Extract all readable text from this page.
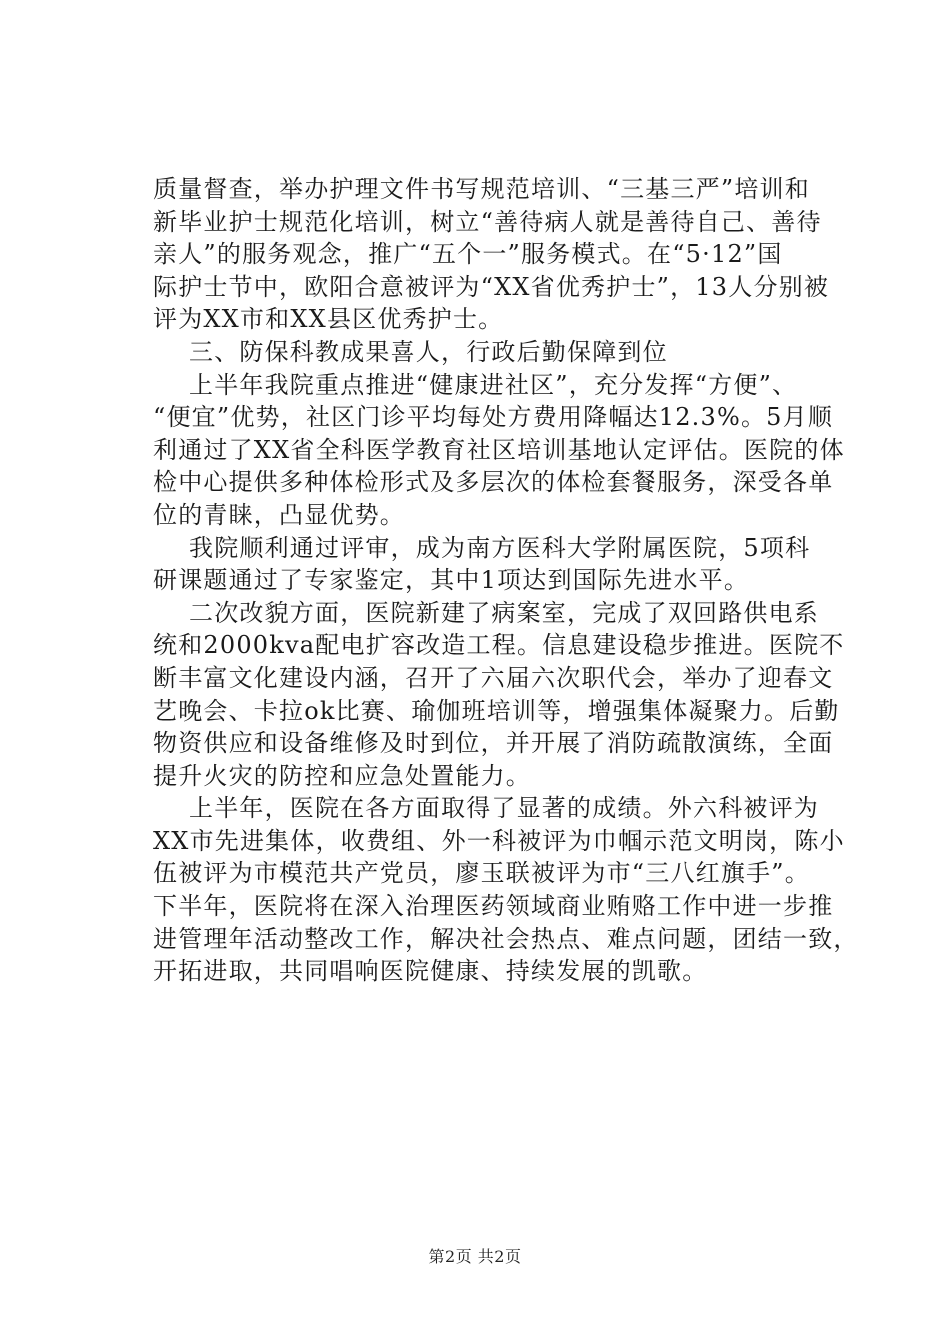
质量督查，举办护理文件书写规范培训、“三基三严”培训和
新毕业护士规范化培训，树立“善待病人就是善待自己、善待
亲人”的服务观念，推广“五个一”服务模式。在“5·12”国
际护士节中，欧阳合意被评为“XX省优秀护士”，13人分别被
评为XX市和XX县区优秀护士。
三、防保科教成果喜人，行政后勤保障到位
上半年我院重点推进“健康进社区”，充分发挥“方便”、
“便宜”优势，社区门诊平均每处方费用降幅达12.3%。5月顺
利通过了XX省全科医学教育社区培训基地认定评估。医院的体
检中心提供多种体检形式及多层次的体检套餐服务，深受各单
位的青睐，凸显优势。
我院顺利通过评审，成为南方医科大学附属医院，5项科
研课题通过了专家鉴定，其中1项达到国际先进水平。
二次改貌方面，医院新建了病案室，完成了双回路供电系
统和2000kva配电扩容改造工程。信息建设稳步推进。医院不
断丰富文化建设内涵，召开了六届六次职代会，举办了迎春文
艺晚会、卡拉ok比赛、瑜伽班培训等，增强集体凝聚力。后勤
物资供应和设备维修及时到位，并开展了消防疏散演练，全面
提升火灾的防控和应急处置能力。
上半年，医院在各方面取得了显著的成绩。外六科被评为
XX市先进集体，收费组、外一科被评为巾帼示范文明岗，陈小
伍被评为市模范共产党员，廖玉联被评为市“三八红旗手”。
下半年，医院将在深入治理医药领域商业贿赂工作中进一步推
进管理年活动整改工作，解决社会热点、难点问题，团结一致，
开拓进取，共同唱响医院健康、持续发展的凯歌。
第2页 共2页
